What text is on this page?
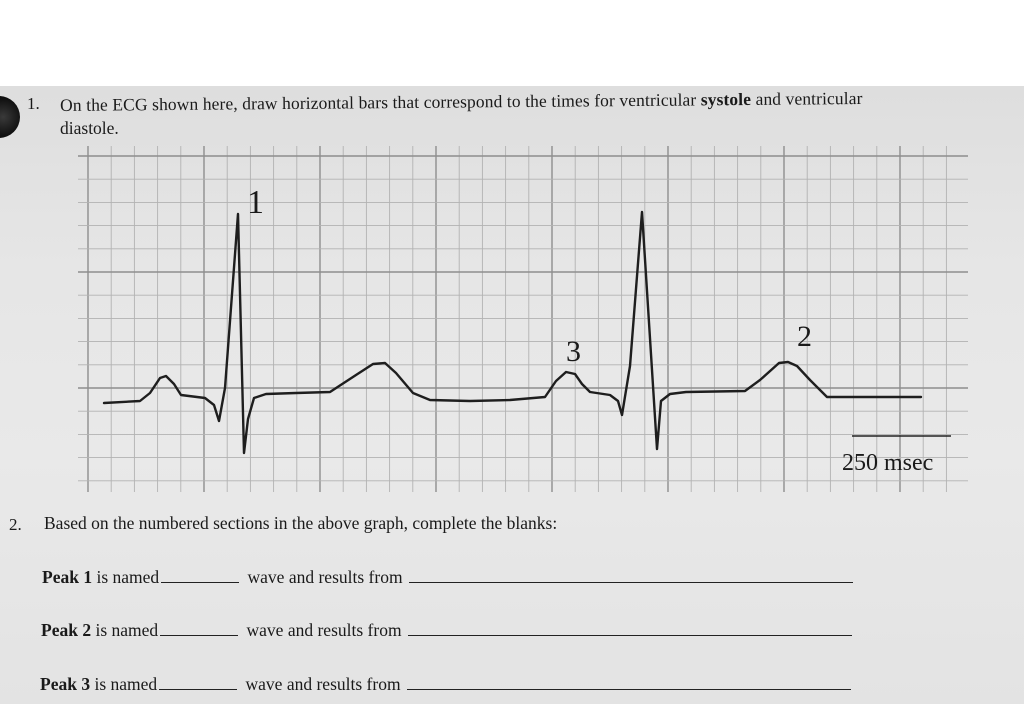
1. On the ECG shown here, draw horizontal bars that correspond to the times for ventricular systole and ventricular
diastole.
1
2
3
250 msec
2. Based on the numbered sections in the above graph, complete the blanks:
Peak 1 is named	wave and results from
Peak 2 is named	wave and results from
Peak 3 is named	wave and results from
